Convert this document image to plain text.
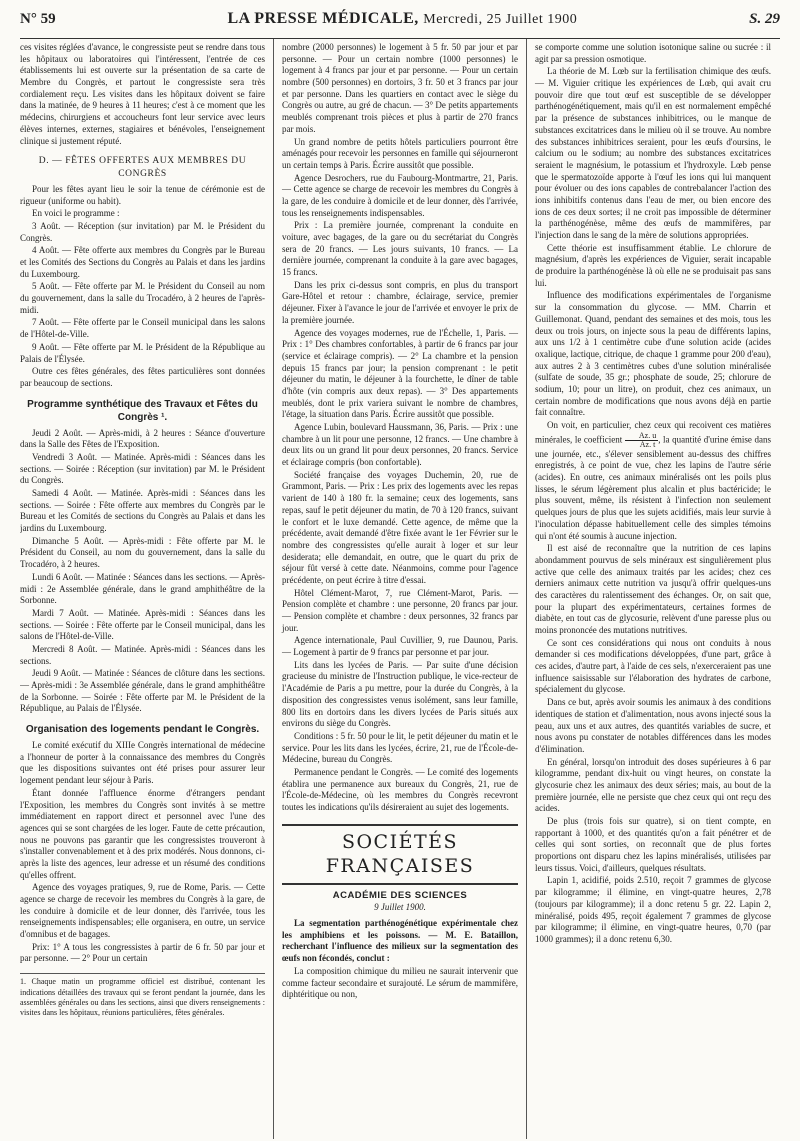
N° 59	LA PRESSE MÉDICALE, Mercredi, 25 Juillet 1900	S. 29

ces visites réglées d'avance, le congressiste peut se rendre dans tous les hôpitaux ou laboratoires qui l'intéressent, l'entrée de ces établissements lui est ouverte sur la présentation de sa carte de Membre du Congrès, et partout le congressiste sera très cordialement reçu. Les visites dans les hôpitaux doivent se faire dans la matinée, de 9 heures à 11 heures; c'est à ce moment que les médecins, chirurgiens et accoucheurs font leur service avec leurs élèves internes, externes, stagiaires et bénévoles, l'enseignement clinique si justement réputé.

D. — FÊTES OFFERTES AUX MEMBRES DU CONGRÈS

Pour les fêtes ayant lieu le soir la tenue de cérémonie est de rigueur (uniforme ou habit).

En voici le programme :

3 Août. — Réception (sur invitation) par M. le Président du Congrès.

4 Août. — Fête offerte aux membres du Congrès par le Bureau et les Comités des Sections du Congrès au Palais et dans les jardins du Luxembourg.

5 Août. — Fête offerte par M. le Président du Conseil au nom du gouvernement, dans la salle du Trocadéro, à 2 heures de l'après-midi.

7 Août. — Fête offerte par le Conseil municipal dans les salons de l'Hôtel-de-Ville.

9 Août. — Fête offerte par M. le Président de la République au Palais de l'Élysée.

Outre ces fêtes générales, des fêtes particulières sont données par beaucoup de sections.

Programme synthétique des Travaux et Fêtes du Congrès ¹.

Jeudi 2 Août. — Après-midi, à 2 heures : Séance d'ouverture dans la Salle des Fêtes de l'Exposition.

Vendredi 3 Août. — Matinée. Après-midi : Séances dans les sections. — Soirée : Réception (sur invitation) par M. le Président du Congrès.

Samedi 4 Août. — Matinée. Après-midi : Séances dans les sections. — Soirée : Fête offerte aux membres du Congrès par le Bureau et les Comités de sections du Congrès au Palais et dans les jardins du Luxembourg.

Dimanche 5 Août. — Après-midi : Fête offerte par M. le Président du Conseil, au nom du gouvernement, dans la salle du Trocadéro, à 2 heures.

Lundi 6 Août. — Matinée : Séances dans les sections. — Après-midi : 2e Assemblée générale, dans le grand amphithéâtre de la Sorbonne.

Mardi 7 Août. — Matinée. Après-midi : Séances dans les sections. — Soirée : Fête offerte par le Conseil municipal, dans les salons de l'Hôtel-de-Ville.

Mercredi 8 Août. — Matinée. Après-midi : Séances dans les sections.

Jeudi 9 Août. — Matinée : Séances de clôture dans les sections. — Après-midi : 3e Assemblée générale, dans le grand amphithéâtre de la Sorbonne. — Soirée : Fête offerte par M. le Président de la République, au Palais de l'Élysée.

Organisation des logements pendant le Congrès.

Le comité exécutif du XIIIe Congrès international de médecine a l'honneur de porter à la connaissance des membres du Congrès que les dispositions suivantes ont été prises pour assurer leur logement pendant leur séjour à Paris.

Étant donnée l'affluence énorme d'étrangers pendant l'Exposition, les membres du Congrès sont invités à se mettre immédiatement en rapport direct et personnel avec l'une des agences qui se sont chargées de les loger. Faute de cette précaution, nous ne pouvons pas garantir que les congressistes trouveront à s'installer convenablement et à des prix modérés. Nous donnons, ci-après la liste des agences, leur adresse et un résumé des conditions qu'elles offrent.

Agence des voyages pratiques, 9, rue de Rome, Paris. — Cette agence se charge de recevoir les membres du Congrès à la gare, de les conduire à domicile et de leur donner, dès l'arrivée, tous les renseignements indispensables; elle organisera, en outre, un service d'omnibus et de bagages.

Prix: 1° A tous les congressistes à partir de 6 fr. 50 par jour et par personne. — 2° Pour un certain

1. Chaque matin un programme officiel est distribué, contenant les indications détaillées des travaux qui se feront pendant la journée, dans les assemblées générales ou dans les sections, ainsi que divers renseignements : visites dans les hôpitaux, réunions particulières, fêtes générales.

nombre (2000 personnes) le logement à 5 fr. 50 par jour et par personne. — Pour un certain nombre (1000 personnes) le logement à 4 francs par jour et par personne. — Pour un certain nombre (500 personnes) en dortoirs, 3 fr. 50 et 3 francs par jour et par personne. Dans les quartiers en contact avec le siège du Congrès ou autre, au gré de chacun. — 3° De petits appartements meublés comprenant trois pièces et plus à partir de 270 francs par mois.

Un grand nombre de petits hôtels particuliers pourront être aménagés pour recevoir les personnes en famille qui séjourneront un certain temps à Paris. Écrire aussitôt que possible.

Agence Desrochers, rue du Faubourg-Montmartre, 21, Paris. — Cette agence se charge de recevoir les membres du Congrès à la gare, de les conduire à domicile et de leur donner, dès l'arrivée, tous les renseignements indispensables.

Prix : La première journée, comprenant la conduite en voiture, avec bagages, de la gare ou du secrétariat du Congrès sera de 20 francs. — Les jours suivants, 10 francs. — La dernière journée, comprenant la conduite à la gare avec bagages, 15 francs.

Dans les prix ci-dessus sont compris, en plus du transport Gare-Hôtel et retour : chambre, éclairage, service, premier déjeuner. Fixer à l'avance le jour de l'arrivée et envoyer le prix de la première journée.

Agence des voyages modernes, rue de l'Échelle, 1, Paris. — Prix : 1° Des chambres confortables, à partir de 6 francs par jour (service et éclairage compris). — 2° La chambre et la pension depuis 15 francs par jour; la pension comprenant : le petit déjeuner du matin, le déjeuner à la fourchette, le dîner de table d'hôte (vin compris aux deux repas). — 3° Des appartements meublés, dont le prix variera suivant le nombre de chambres, l'étage, la situation dans Paris. Écrire aussitôt que possible.

Agence Lubin, boulevard Haussmann, 36, Paris. — Prix : une chambre à un lit pour une personne, 12 francs. — Une chambre à deux lits ou un grand lit pour deux personnes, 20 francs. Service et éclairage compris (bon confortable).

Société française des voyages Duchemin, 20, rue de Grammont, Paris. — Prix : Les prix des logements avec les repas varient de 140 à 180 fr. la semaine; ceux des logements, sans repas, sauf le petit déjeuner du matin, de 70 à 120 francs, suivant le confort et le luxe demandé. Cette agence, de même que la précédente, avait demandé d'être fixée avant le 1er Février sur le nombre des congressistes qu'elle aurait à loger et sur leur desiderata; elle demandait, en outre, que le quart du prix de séjour fût versé à cette date. Néanmoins, comme pour l'agence précédente, on peut écrire à titre d'essai.

Hôtel Clément-Marot, 7, rue Clément-Marot, Paris. — Pension complète et chambre : une personne, 20 francs par jour. — Pension complète et chambre : deux personnes, 32 francs par jour.

Agence internationale, Paul Cuvillier, 9, rue Daunou, Paris. — Logement à partir de 9 francs par personne et par jour.

Lits dans les lycées de Paris. — Par suite d'une décision gracieuse du ministre de l'Instruction publique, le vice-recteur de l'Académie de Paris a pu mettre, pour la durée du Congrès, à la disposition des congressistes venus isolément, sans leur famille, 800 lits en dortoirs dans les divers lycées de Paris situés aux environs du siège du Congrès.

Conditions : 5 fr. 50 pour le lit, le petit déjeuner du matin et le service. Pour les lits dans les lycées, écrire, 21, rue de l'École-de-Médecine, bureau du Congrès.

Permanence pendant le Congrès. — Le comité des logements établira une permanence aux bureaux du Congrès, 21, rue de l'École-de-Médecine, où les membres du Congrès recevront toutes les indications qu'ils désireraient au sujet des logements.

SOCIÉTÉS FRANÇAISES
ACADÉMIE DES SCIENCES
9 Juillet 1900.

La segmentation parthénogénétique expérimentale chez les amphibiens et les poissons. — M. E. Bataillon, recherchant l'influence des milieux sur la segmentation des œufs non fécondés, conclut :

La composition chimique du milieu ne saurait intervenir que comme facteur secondaire et surajouté. Le sérum de mammifère, diphtéritique ou non,

se comporte comme une solution isotonique saline ou sucrée : il agit par sa pression osmotique.

La théorie de M. Lœb sur la fertilisation chimique des œufs. — M. Viguier critique les expériences de Lœb, qui avait cru pouvoir dire que tout œuf est susceptible de se développer parthénogénétiquement, mais qu'il en est normalement empêché par la présence de substances inhibitrices, ou le manque de substances excitatrices dans le milieu où il se trouve. Au nombre des substances inhibitrices seraient, pour les œufs d'oursins, le calcium ou le sodium; au nombre des substances excitatrices seraient le magnésium, le potassium et l'hydroxyle. Lœb pense que le spermatozoïde apporte à l'œuf les ions qui lui manquent pour évoluer ou des ions capables de contrebalancer l'action des ions inhibitifs contenus dans l'eau de mer, ou bien encore des ions de ces deux sortes; il ne croit pas impossible de déterminer la parthénogénèse, même des œufs de mammifères, par l'injection dans le sang de la mère de solutions appropriées.

Cette théorie est insuffisamment établie. Le chlorure de magnésium, d'après les expériences de Viguier, serait incapable de produire la parthénogénèse là où elle ne se produisait pas sans lui.

Influence des modifications expérimentales de l'organisme sur la consommation du glycose. — MM. Charrin et Guillemonat. Quand, pendant des semaines et des mois, tous les deux ou trois jours, on injecte sous la peau de différents lapins, aux uns 1/2 à 1 centimètre cube d'une solution acide (acides oxalique, lactique, citrique, de chaque 1 gramme pour 200 d'eau), aux autres 2 à 3 centimètres cubes d'une solution minéralisée (sulfate de soude, 35 gr.; phosphate de soude, 25; chlorure de sodium, 10; pour un litre), on produit, chez ces animaux, un certain nombre de modifications que nous avons déjà en partie fait connaître.

On voit, en particulier, chez ceux qui recoivent ces matières minérales, le coefficient $\frac{Az. u}{Az. t}$ , la quantité d'urine émise dans une journée, etc., s'élever sensiblement au-dessus des chiffres enregistrés, à ce point de vue, chez les lapins de l'autre série (acides). En outre, ces animaux minéralisés ont les poils plus lisses, le sérum légèrement plus alcalin et plus bactéricide; le plus souvent, même, ils résistent à l'infection non seulement quelques jours de plus que les sujets acidifiés, mais leur survie à l'inoculation dépasse habituellement celle des simples témoins qui n'ont été soumis à aucune injection.

Il est aisé de reconnaître que la nutrition de ces lapins abondamment pourvus de sels minéraux est singulièrement plus active que celle des animaux traités par les acides; chez ces derniers animaux cette nutrition va jusqu'à offrir quelques-uns des caractères du ralentissement des échanges. Or, on sait que, pour la plupart des expérimentateurs, certaines formes de diabète, en tout cas de glycosurie, relèvent d'une paresse plus ou moins prononcée des mutations nutritives.

Ce sont ces considérations qui nous ont conduits à nous demander si ces modifications développées, d'une part, grâce à ces acides, d'autre part, à l'aide de ces sels, n'exerceraient pas une influence saisissable sur l'élaboration des hydrates de carbone, spécialement du glycose.

Dans ce but, après avoir soumis les animaux à des conditions identiques de station et d'alimentation, nous avons injecté sous la peau, aux uns et aux autres, des quantités variables de sucre, et nous avons pu constater de notables différences dans les modes d'élimination.

En général, lorsqu'on introduit des doses supérieures à 6 par kilogramme, pendant dix-huit ou vingt heures, on constate la glycosurie chez les animaux des deux séries; mais, au bout de la première journée, elle ne persiste que chez ceux qui ont reçu des acides.

De plus (trois fois sur quatre), si on tient compte, en rapportant à 1000, et des quantités qu'on a fait pénétrer et de celles qui sont sorties, on reconnaît que de plus fortes proportions ont disparu chez les lapins minéralisés, utilisées par leurs tissus. Voici, d'ailleurs, quelques résultats.

Lapin 1, acidifié, poids 2.510, reçoit 7 grammes de glycose par kilogramme; il élimine, en vingt-quatre heures, 2,78 (toujours par kilogramme); il a donc retenu 5 gr. 22. Lapin 2, minéralisé, poids 495, reçoit également 7 grammes de glycose par kilogramme; il élimine, en vingt-quatre heures, 0,70 (par 1000 grammes); il a donc retenu 6,30.
